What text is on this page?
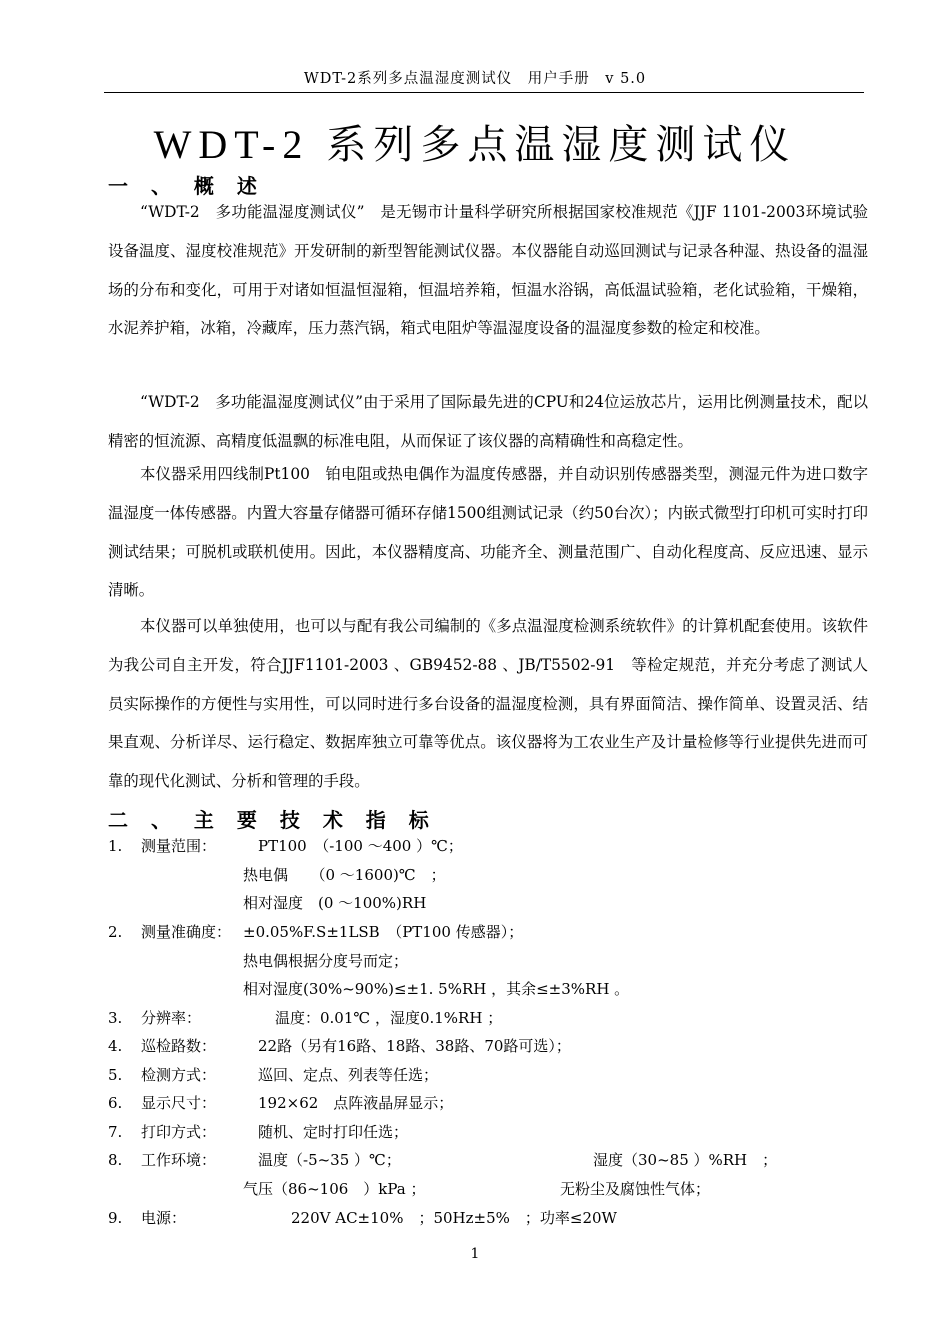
WDT-2系列多点温湿度测试仪　用户手册　v 5.0
WDT-2 系列多点温湿度测试仪
一 、 概 述

“WDT-2　多功能温湿度测试仪”　是无锡市计量科学研究所根据国家校准规范《JJF 1101-2003环境试验设备温度、湿度校准规范》开发研制的新型智能测试仪器。本仪器能自动巡回测试与记录各种湿、热设备的温湿场的分布和变化，可用于对诸如恒温恒湿箱，恒温培养箱，恒温水浴锅，高低温试验箱，老化试验箱，干燥箱，水泥养护箱，冰箱，冷藏库，压力蒸汽锅，箱式电阻炉等温湿度设备的温湿度参数的检定和校准。

“WDT-2　多功能温湿度测试仪”由于采用了国际最先进的CPU和24位运放芯片，运用比例测量技术，配以精密的恒流源、高精度低温飘的标准电阻，从而保证了该仪器的高精确性和高稳定性。

本仪器采用四线制Pt100　铂电阻或热电偶作为温度传感器，并自动识别传感器类型，测湿元件为进口数字温湿度一体传感器。内置大容量存储器可循环存储1500组测试记录（约50台次）；内嵌式微型打印机可实时打印测试结果；可脱机或联机使用。因此，本仪器精度高、功能齐全、测量范围广、自动化程度高、反应迅速、显示清晰。

本仪器可以单独使用，也可以与配有我公司编制的《多点温湿度检测系统软件》的计算机配套使用。该软件为我公司自主开发，符合JJF1101-2003 、GB9452-88 、JB/T5502-91　等检定规范，并充分考虑了测试人员实际操作的方便性与实用性，可以同时进行多台设备的温湿度检测，具有界面简洁、操作简单、设置灵活、结果直观、分析详尽、运行稳定、数据库独立可靠等优点。该仪器将为工农业生产及计量检修等行业提供先进而可靠的现代化测试、分析和管理的手段。

二 、 主 要 技 术 指 标
1. 测量范围：	PT100　（-100 ～400 ）℃；
热电偶　　（0 ～1600)℃　；
相对湿度　(0 ～100%)RH
2. 测量准确度： ±0.05%F.S±1LSB　（PT100 传感器）；
热电偶根据分度号而定；
相对湿度(30%~90%)≤±1. 5%RH ，其余≤±3%RH 。
3. 分辨率：	温度：0.01℃ ，湿度0.1%RH ；
4. 巡检路数：	22路（另有16路、18路、38路、70路可选）；
5. 检测方式：	巡回、定点、列表等任选；
6. 显示尺寸：	192×62　点阵液晶屏显示；
7. 打印方式：	随机、定时打印任选；
8. 工作环境：	温度（-5~35 ）℃；	湿度（30~85 ）%RH　；
气压（86~106　）kPa ；	无粉尘及腐蚀性气体；
9. 电源：	220V AC±10%　；50Hz±5%　；功率≤20W
1
